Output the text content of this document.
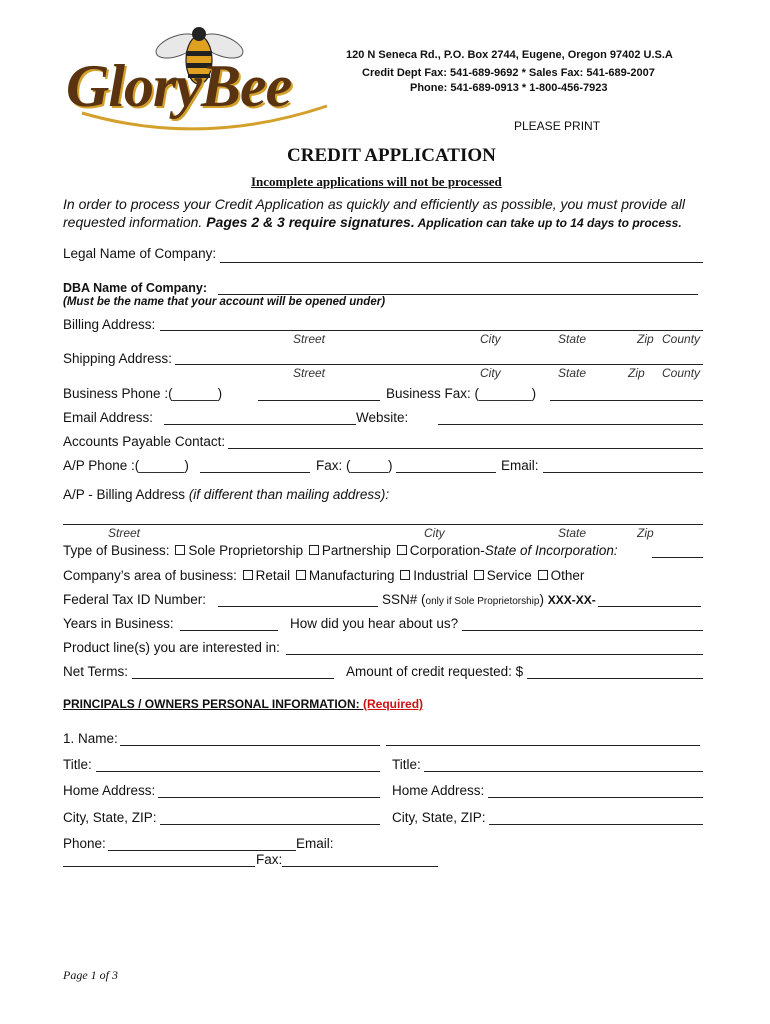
GloryBee	120 N Seneca Rd., P.O. Box 2744, Eugene, Oregon 97402 U.S.A
Credit Dept Fax: 541-689-9692 * Sales Fax: 541-689-2007
Phone: 541-689-0913 * 1-800-456-7923
PLEASE PRINT
CREDIT APPLICATION
Incomplete applications will not be processed
In order to process your Credit Application as quickly and efficiently as possible, you must provide all
requested information. Pages 2 & 3 require signatures. Application can take up to 14 days to process.
Legal Name of Company:
DBA Name of Company:
(Must be the name that your account will be opened under)
Billing Address:
Street	City	State	Zip County
Shipping Address:
Street	City	State	Zip County
Business Phone :(______)	Business Fax: (_______)
Email Address:	Website:
Accounts Payable Contact:
A/P Phone :(______)	Fax: (_____)	Email:
A/P - Billing Address (if different than mailing address):
Street	City	State	Zip
Type of Business: Sole Proprietorship Partnership Corporation-State of Incorporation:
Company’s area of business: Retail Manufacturing Industrial Service Other
Federal Tax ID Number:	SSN# (only if Sole Proprietorship) XXX-XX-
Years in Business:	How did you hear about us?
Product line(s) you are interested in:
Net Terms:	Amount of credit requested: $
PRINCIPALS / OWNERS PERSONAL INFORMATION: (Required)
1. Name:
Title:	Title:
Home Address:	Home Address:
City, State, ZIP:	City, State, ZIP:
Phone:	Email:
Fax:
Page 1 of 3
